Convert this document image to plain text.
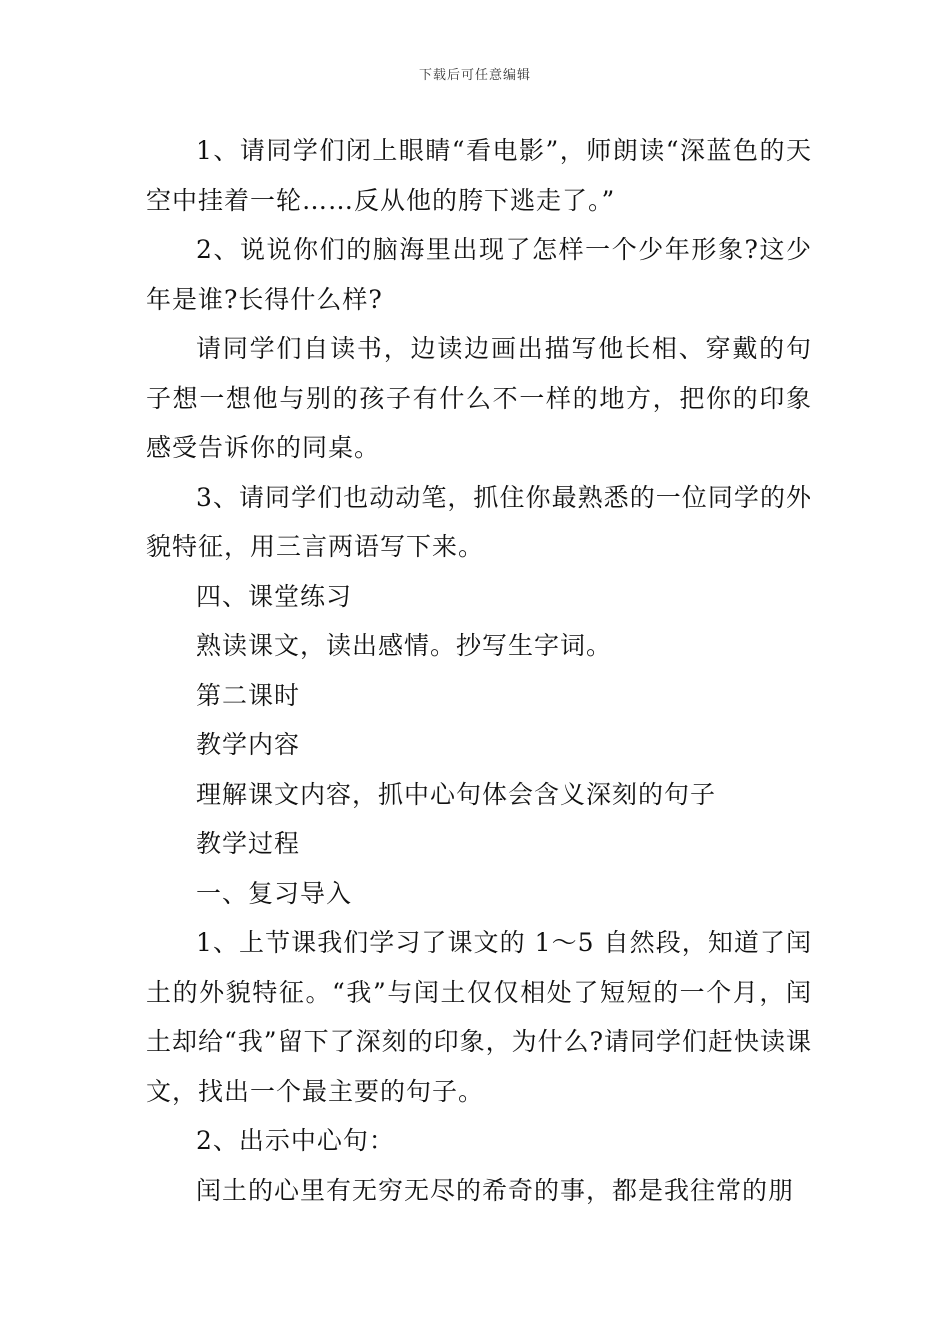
下载后可任意编辑

1、请同学们闭上眼睛“看电影”，师朗读“深蓝色的天空中挂着一轮……反从他的胯下逃走了。”

2、说说你们的脑海里出现了怎样一个少年形象?这少年是谁?长得什么样?

请同学们自读书，边读边画出描写他长相、穿戴的句子想一想他与别的孩子有什么不一样的地方，把你的印象感受告诉你的同桌。

3、请同学们也动动笔，抓住你最熟悉的一位同学的外貌特征，用三言两语写下来。

四、课堂练习

熟读课文，读出感情。抄写生字词。

第二课时

教学内容

理解课文内容，抓中心句体会含义深刻的句子

教学过程

一、复习导入

1、上节课我们学习了课文的 1～5 自然段，知道了闰土的外貌特征。“我”与闰土仅仅相处了短短的一个月，闰土却给“我”留下了深刻的印象，为什么?请同学们赶快读课文，找出一个最主要的句子。

2、出示中心句：

闰土的心里有无穷无尽的希奇的事，都是我往常的朋
